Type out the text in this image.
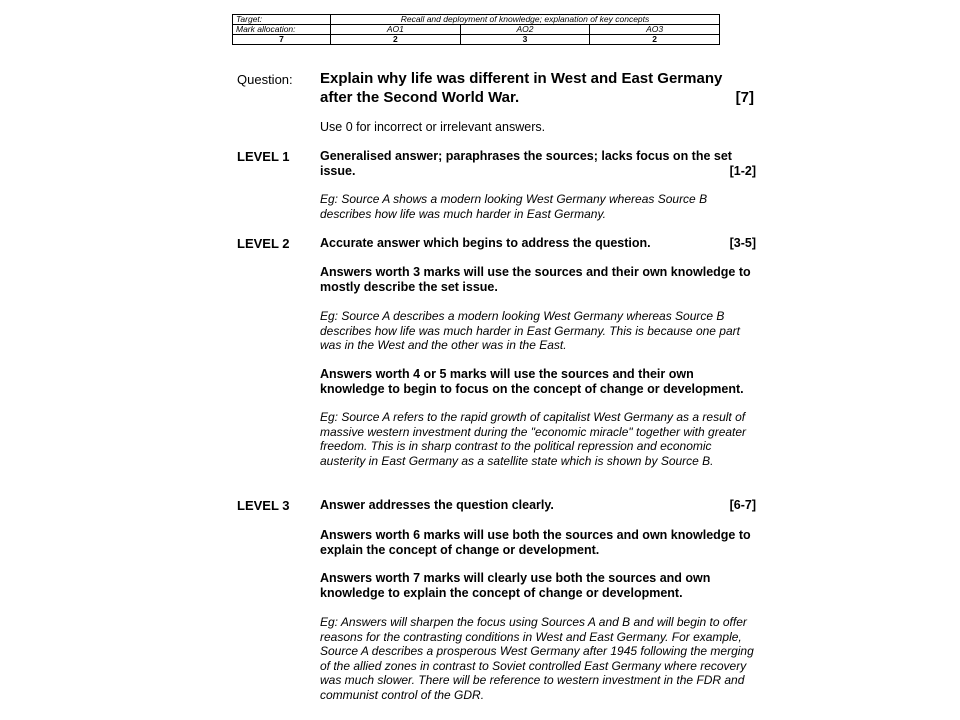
Target:	Recall and deployment of knowledge; explanation of key concepts		
Mark allocation:	AO1	AO2	AO3
7	2	3	2
Question: Explain why life was different in West and East Germany
after the Second World War.	[7]
Use 0 for incorrect or irrelevant answers.
LEVEL 1 Generalised answer; paraphrases the sources; lacks focus on the set
issue.	[1-2]
Eg: Source A shows a modern looking West Germany whereas Source B describes how life was much harder in East Germany.
LEVEL 2 Accurate answer which begins to address the question.	[3-5]
Answers worth 3 marks will use the sources and their own knowledge to mostly describe the set issue.
Eg: Source A describes a modern looking West Germany whereas Source B describes how life was much harder in East Germany. This is because one part was in the West and the other was in the East.
Answers worth 4 or 5 marks will use the sources and their own knowledge to begin to focus on the concept of change or development.
Eg: Source A refers to the rapid growth of capitalist West Germany as a result of massive western investment during the "economic miracle" together with greater freedom. This is in sharp contrast to the political repression and economic austerity in East Germany as a satellite state which is shown by Source B.
LEVEL 3 Answer addresses the question clearly.	[6-7]
Answers worth 6 marks will use both the sources and own knowledge to explain the concept of change or development.
Answers worth 7 marks will clearly use both the sources and own knowledge to explain the concept of change or development.
Eg: Answers will sharpen the focus using Sources A and B and will begin to offer reasons for the contrasting conditions in West and East Germany. For example, Source A describes a prosperous West Germany after 1945 following the merging of the allied zones in contrast to Soviet controlled East Germany where recovery was much slower. There will be reference to western investment in the FDR and communist control of the GDR.
